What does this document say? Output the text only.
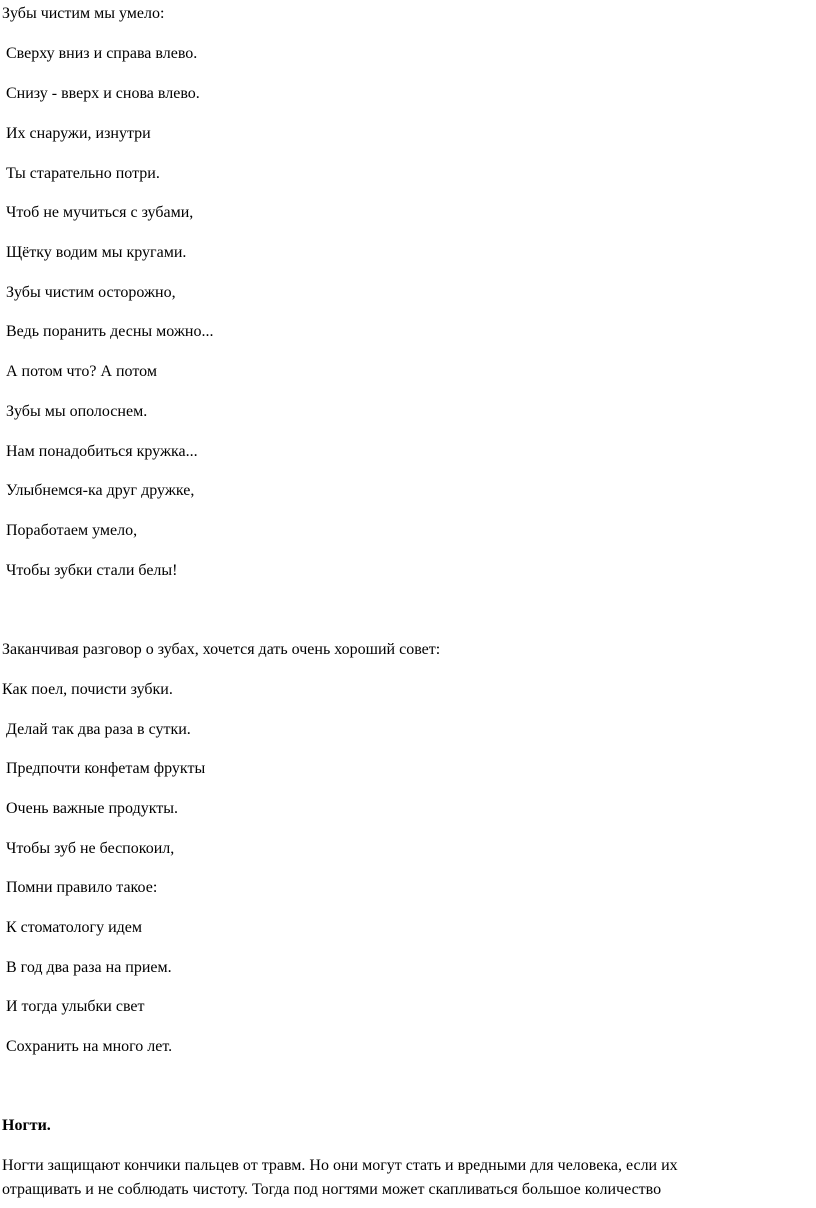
Зубы чистим мы умело:
Сверху вниз и справа влево.
Снизу - вверх и снова влево.
Их снаружи, изнутри
Ты старательно потри.
Чтоб не мучиться с зубами,
Щётку водим мы кругами.
Зубы чистим осторожно,
Ведь поранить десны можно...
А потом что? А потом
Зубы мы ополоснем.
Нам понадобиться кружка...
Улыбнемся-ка друг дружке,
Поработаем умело,
Чтобы зубки стали белы!
Заканчивая разговор о зубах, хочется дать очень хороший совет:
Как поел, почисти зубки.
Делай так два раза в сутки.
Предпочти конфетам фрукты
Очень важные продукты.
Чтобы зуб не беспокоил,
Помни правило такое:
К стоматологу идем
В год два раза на прием.
И тогда улыбки свет
Сохранить на много лет.
Ногти.
Ногти защищают кончики пальцев от травм. Но они могут стать и вредными для человека, если их
отращивать и не соблюдать чистоту. Тогда под ногтями может скапливаться большое количество
